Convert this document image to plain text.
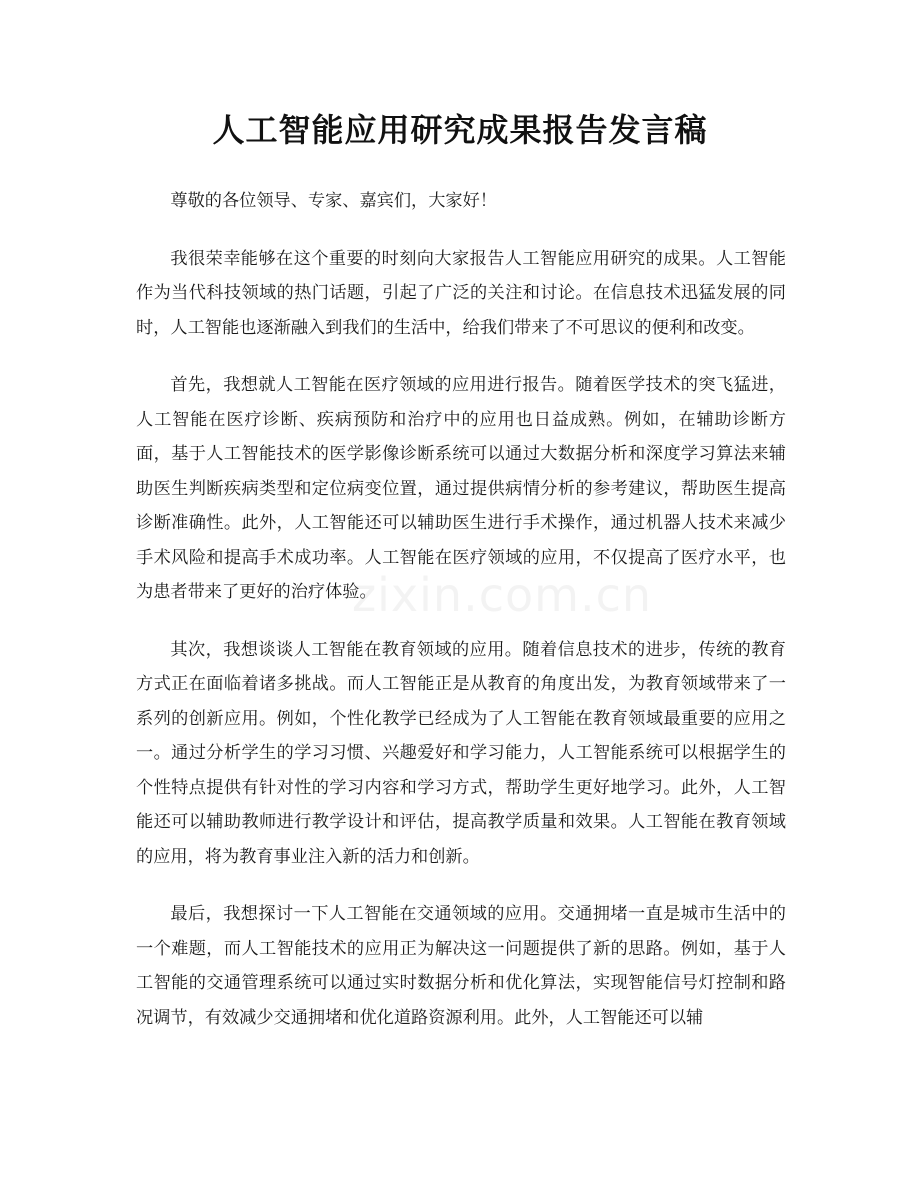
人工智能应用研究成果报告发言稿

尊敬的各位领导、专家、嘉宾们，大家好！

我很荣幸能够在这个重要的时刻向大家报告人工智能应用研究的成果。人工智能作为当代科技领域的热门话题，引起了广泛的关注和讨论。在信息技术迅猛发展的同时，人工智能也逐渐融入到我们的生活中，给我们带来了不可思议的便利和改变。

首先，我想就人工智能在医疗领域的应用进行报告。随着医学技术的突飞猛进，人工智能在医疗诊断、疾病预防和治疗中的应用也日益成熟。例如，在辅助诊断方面，基于人工智能技术的医学影像诊断系统可以通过大数据分析和深度学习算法来辅助医生判断疾病类型和定位病变位置，通过提供病情分析的参考建议，帮助医生提高诊断准确性。此外，人工智能还可以辅助医生进行手术操作，通过机器人技术来减少手术风险和提高手术成功率。人工智能在医疗领域的应用，不仅提高了医疗水平，也为患者带来了更好的治疗体验。

其次，我想谈谈人工智能在教育领域的应用。随着信息技术的进步，传统的教育方式正在面临着诸多挑战。而人工智能正是从教育的角度出发，为教育领域带来了一系列的创新应用。例如，个性化教学已经成为了人工智能在教育领域最重要的应用之一。通过分析学生的学习习惯、兴趣爱好和学习能力，人工智能系统可以根据学生的个性特点提供有针对性的学习内容和学习方式，帮助学生更好地学习。此外，人工智能还可以辅助教师进行教学设计和评估，提高教学质量和效果。人工智能在教育领域的应用，将为教育事业注入新的活力和创新。

最后，我想探讨一下人工智能在交通领域的应用。交通拥堵一直是城市生活中的一个难题，而人工智能技术的应用正为解决这一问题提供了新的思路。例如，基于人工智能的交通管理系统可以通过实时数据分析和优化算法，实现智能信号灯控制和路况调节，有效减少交通拥堵和优化道路资源利用。此外，人工智能还可以辅

zixin.com.cn
